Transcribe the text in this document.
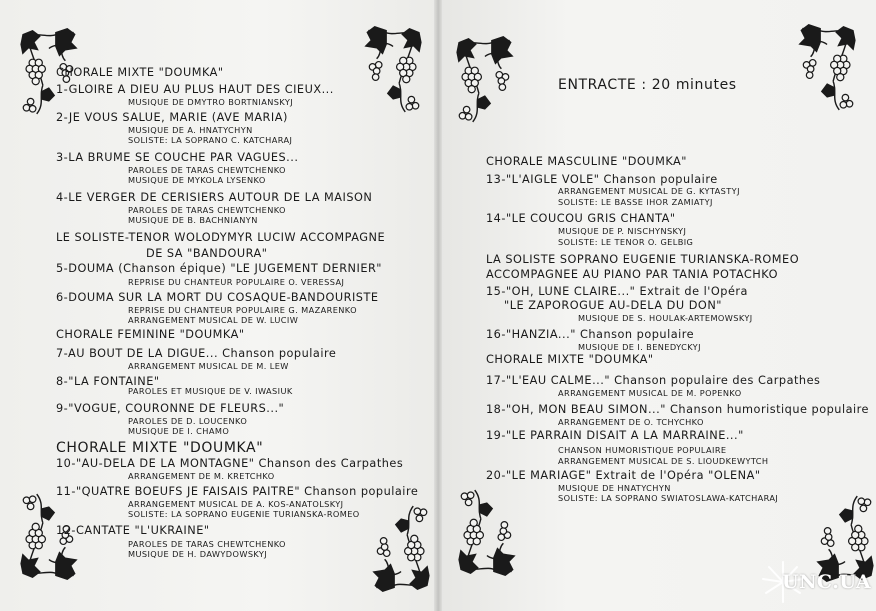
CHORALE MIXTE "DOUMKA"
1-GLOIRE A DIEU AU PLUS HAUT DES CIEUX...
MUSIQUE DE DMYTRO BORTNIANSKYJ
2-JE VOUS SALUE, MARIE (AVE MARIA)
MUSIQUE DE A. HNATYCHYN
SOLISTE: LA SOPRANO C. KATCHARAJ
3-LA BRUME SE COUCHE PAR VAGUES...
PAROLES DE TARAS CHEWTCHENKO
MUSIQUE DE MYKOLA LYSENKO
4-LE VERGER DE CERISIERS AUTOUR DE LA MAISON
PAROLES DE TARAS CHEWTCHENKO
MUSIQUE DE B. BACHNIANYN
LE SOLISTE-TENOR WOLODYMYR LUCIW ACCOMPAGNE
DE SA "BANDOURA"
5-DOUMA (Chanson épique) "LE JUGEMENT DERNIER"
REPRISE DU CHANTEUR POPULAIRE O. VERESSAJ
6-DOUMA SUR LA MORT DU COSAQUE-BANDOURISTE
REPRISE DU CHANTEUR POPULAIRE G. MAZARENKO
ARRANGEMENT MUSICAL DE W. LUCIW
CHORALE FEMININE "DOUMKA"
7-AU BOUT DE LA DIGUE... Chanson populaire
ARRANGEMENT MUSICAL DE M. LEW
8-"LA FONTAINE"
PAROLES ET MUSIQUE DE V. IWASIUK
9-"VOGUE, COURONNE DE FLEURS..."
PAROLES DE D. LOUCENKO
MUSIQUE DE I. CHAMO
CHORALE MIXTE "DOUMKA"
10-"AU-DELA DE LA MONTAGNE" Chanson des Carpathes
ARRANGEMENT DE M. KRETCHKO
11-"QUATRE BOEUFS JE FAISAIS PAITRE" Chanson populaire
ARRANGEMENT MUSICAL DE A. KOS-ANATOLSKYJ
SOLISTE: LA SOPRANO EUGENIE TURIANSKA-ROMEO
12-CANTATE "L'UKRAINE"
PAROLES DE TARAS CHEWTCHENKO
MUSIQUE DE H. DAWYDOWSKYJ
ENTRACTE : 20 minutes
CHORALE MASCULINE "DOUMKA"
13-"L'AIGLE VOLE" Chanson populaire
ARRANGEMENT MUSICAL DE G. KYTASTYJ
SOLISTE: LE BASSE IHOR ZAMIATYJ
14-"LE COUCOU GRIS CHANTA"
MUSIQUE DE P. NISCHYNSKYJ
SOLISTE: LE TENOR O. GELBIG
LA SOLISTE SOPRANO EUGENIE TURIANSKA-ROMEO
ACCOMPAGNEE AU PIANO PAR TANIA POTACHKO
15-"OH, LUNE CLAIRE..." Extrait de l'Opéra
"LE ZAPOROGUE AU-DELA DU DON"
MUSIQUE DE S. HOULAK-ARTEMOWSKYJ
16-"HANZIA..." Chanson populaire
MUSIQUE DE I. BENEDYCKYJ
CHORALE MIXTE "DOUMKA"
17-"L'EAU CALME..." Chanson populaire des Carpathes
ARRANGEMENT MUSICAL DE M. POPENKO
18-"OH, MON BEAU SIMON..." Chanson humoristique populaire
ARRANGEMENT DE O. TCHYCHKO
19-"LE PARRAIN DISAIT A LA MARRAINE..."
CHANSON HUMORISTIQUE POPULAIRE
ARRANGEMENT MUSICAL DE S. LIOUDKEWYTCH
20-"LE MARIAGE" Extrait de l'Opéra "OLENA"
MUSIQUE DE HNATYCHYN
SOLISTE: LA SOPRANO SWIATOSLAWA-KATCHARAJ
UNC.UA
